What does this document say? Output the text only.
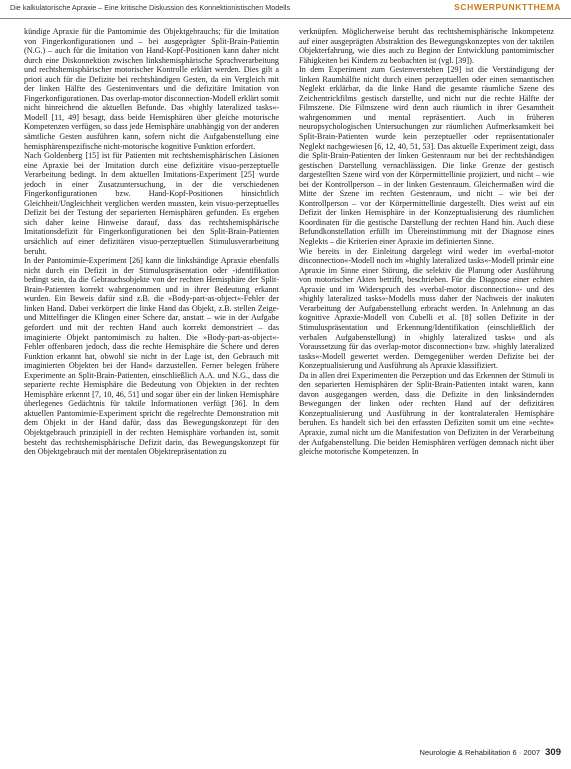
Die kalkulatorische Apraxie – Eine kritische Diskussion des Konnektionistischen Modells	SCHWERPUNKTTHEMA

kündige Apraxie für die Pantomimie des Objektgebrauchs; für die Imitation von Fingerkonfigurationen und – bei ausgeprägter Split-Brain-Patientin (N.G.) – auch für die Imitation von Hand-Kopf-Positionen kann daher nicht durch eine Diskonnektion zwischen linkshemisphärische Sprachverarbeitung und rechtshemisphärischer motorischer Kontrolle erklärt werden. Dies gilt a priori auch für die Defizite bei rechtshändigen Gesten, da ein Vergleich mit der linken Hälfte des Gesteninventars und die defizitäre Imitation von Fingerkonfigurationen. Das overlap-motor disconnection-Modell erklärt somit nicht hinreichend die aktuellen Befunde. Das »highly lateralized tasks«-Modell [11, 49] besagt, dass beide Hemisphären über gleiche motorische Kompetenzen verfügen, so dass jede Hemisphäre unabhängig von der anderen sämtliche Gesten ausführen kann, sofern nicht die Aufgabenstellung eine hemisphärenspezifische nicht-motorische kognitive Funktion erfordert.

Nach Goldenberg [15] ist für Patienten mit rechtshemisphärischen Läsionen eine Apraxie bei der Imitation durch eine defizitäre visuo-perzeptuelle Verarbeitung bedingt. In dem aktuellen Imitations-Experiment [25] wurde jedoch in einer Zusatzuntersuchung, in der die verschiedenen Fingerkonfigurationen bzw. Hand-Kopf-Positionen hinsichtlich Gleichheit/Ungleichheit verglichen werden mussten, kein visuo-perzeptuelles Defizit bei der Testung der separierten Hemisphären gefunden. Es ergeben sich daher keine Hinweise darauf, dass das rechtshemisphärische Imitationsdefizit für Fingerkonfigurationen bei den Split-Brain-Patienten ursächlich auf einer defizitären visuo-perzeptuellen Stimulusverarbeitung beruht.

In der Pantomimie-Experiment [26] kann die linkshändige Apraxie ebenfalls nicht durch ein Defizit in der Stimuluspräsentation oder -identifikation bedingt sein, da die Gebrauchsobjekte von der rechten Hemisphäre der Split-Brain-Patienten korrekt wahrgenommen und in ihrer Bedeutung erkannt wurden. Ein Beweis dafür sind z.B. die »Body-part-as-object«-Fehler der linken Hand. Dabei verkörpert die linke Hand das Objekt, z.B. stellen Zeige- und Mittelfinger die Klingen einer Schere dar, anstatt – wie in der Aufgabe gefordert und mit der rechten Hand auch korrekt demonstriert – das imaginierte Objekt pantomimisch zu halten. Die »Body-part-as-object«-Fehler offenbaren jedoch, dass die rechte Hemisphäre die Schere und deren Funktion erkannt hat, obwohl sie nicht in der Lage ist, den Gebrauch mit imaginierten Objekten bei der Hand« darzustellen. Ferner belegen frühere Experimente an Split-Brain-Patienten, einschließlich A.A. und N.G., dass die separierte rechte Hemisphäre die Bedeutung von Objekten in der rechten Hemisphäre erkennt [7, 10, 46, 51] und sogar über ein der linken Hemisphäre überlegenes Gedächtnis für taktile Informationen verfügt [36]. In dem aktuellen Pantomimie-Experiment spricht die regelrechte Demonstration mit dem Objekt in der Hand dafür, dass das Bewegungskonzept für den Objektgebrauch prinzipiell in der rechten Hemisphäre vorhanden ist, somit besteht das rechtshemisphärische Defizit darin, das Bewegungskonzept für den Objektgebrauch mit der mentalen Objektrepräsentation zu

verknüpfen. Möglicherweise beruht das rechtshemisphärische Inkompetenz auf einer ausgeprägten Abstraktion des Bewegungskonzeptes von der taktilen Objekterfahrung, wie dies auch zu Beginn der Entwicklung pantomimischer Fähigkeiten bei Kindern zu beobachten ist (vgl. [39]).

In dem Experiment zum Gestenverstehen [29] ist die Verständigung der linken Raumhälfte nicht durch einen perzeptuellen oder einen semantischen Neglekt erklärbar, da die linke Hand die gesamte räumliche Szene des Zeichentrickfilms gestisch darstellte, und nicht nur die rechte Hälfte der Filmszene. Die Filmszene wird denn auch räumlich in ihrer Gesamtheit wahrgenommen und mental repräsentiert. Auch in früheren neuropsychologischen Untersuchungen zur räumlichen Aufmerksamkeit bei Split-Brain-Patienten wurde kein perzeptueller oder repräsentationaler Neglekt nachgewiesen [6, 12, 40, 51, 53]. Das aktuelle Experiment zeigt, dass die Split-Brain-Patienten der linken Gestenraum nur bei der rechtshändigen gestischen Darstellung vernachlässigen. Die linke Grenze der gestisch dargestellten Szene wird von der Körpermittellinie projiziert, und nicht – wie bei der Kontrollperson – in der linken Gestenraum. Gleichermaßen wird die Mitte der Szene im rechten Gestenraum, und nicht – wie bei der Kontrollperson – vor der Körpermittellinie dargestellt. Dies weist auf ein Defizit der linken Hemisphäre in der Konzeptualisierung des räumlichen Koordinaten für die gestische Darstellung der rechten Hand hin. Auch diese Befundkonstellation erfüllt im Übereinstimmung mit der Diagnose eines Neglekts – die Kriterien einer Apraxie im definierten Sinne.

Wie bereits in der Einleitung dargelegt wird weder im »verbal-motor disconnection«-Modell noch im »highly lateralized tasks«-Modell primär eine Apraxie im Sinne einer Störung, die selektiv die Planung oder Ausführung von motorischer Akten betrifft, beschrieben. Für die Diagnose einer echten Apraxie und im Widerspruch des »verbal-motor disconnection«- und des »highly lateralized tasks«-Modells muss daher der Nachweis der inakuten Verarbeitung der Aufgabenstellung erbracht werden. In Anlehnung an das kognitive Apraxie-Modell von Cubelli et al. [8] sollen Defizite in der Stimuluspräsentation und Erkennung/Identifikation (einschließlich der verbalen Aufgabenstellung) in »highly lateralized tasks« und als Voraussetzung für das overlap-motor disconnection« bzw. »highly lateralized tasks«-Modell gewertet werden. Demgegenüber werden Defizite bei der Konzeptualisierung und Ausführung als Apraxie klassifiziert.

Da in allen drei Experimenten die Perzeption und das Erkennen der Stimuli in den separierten Hemisphären der Split-Brain-Patienten intakt waren, kann davon ausgegangen werden, dass die Defizite in den linksändernden Bewegungen der linken oder rechten Hand auf der defizitären Konzeptualisierung und Ausführung in der kontralateralen Hemisphäre beruhen. Es handelt sich bei den erfassten Defiziten somit um eine »echte« Apraxie, zumal nicht um die Manifestation von Defiziten in der Verarbeitung der Aufgabenstellung. Die beiden Hemisphären verfügen demnach nicht über gleiche motorische Kompetenzen. In

Neurologie & Rehabilitation 6 · 2007 309
